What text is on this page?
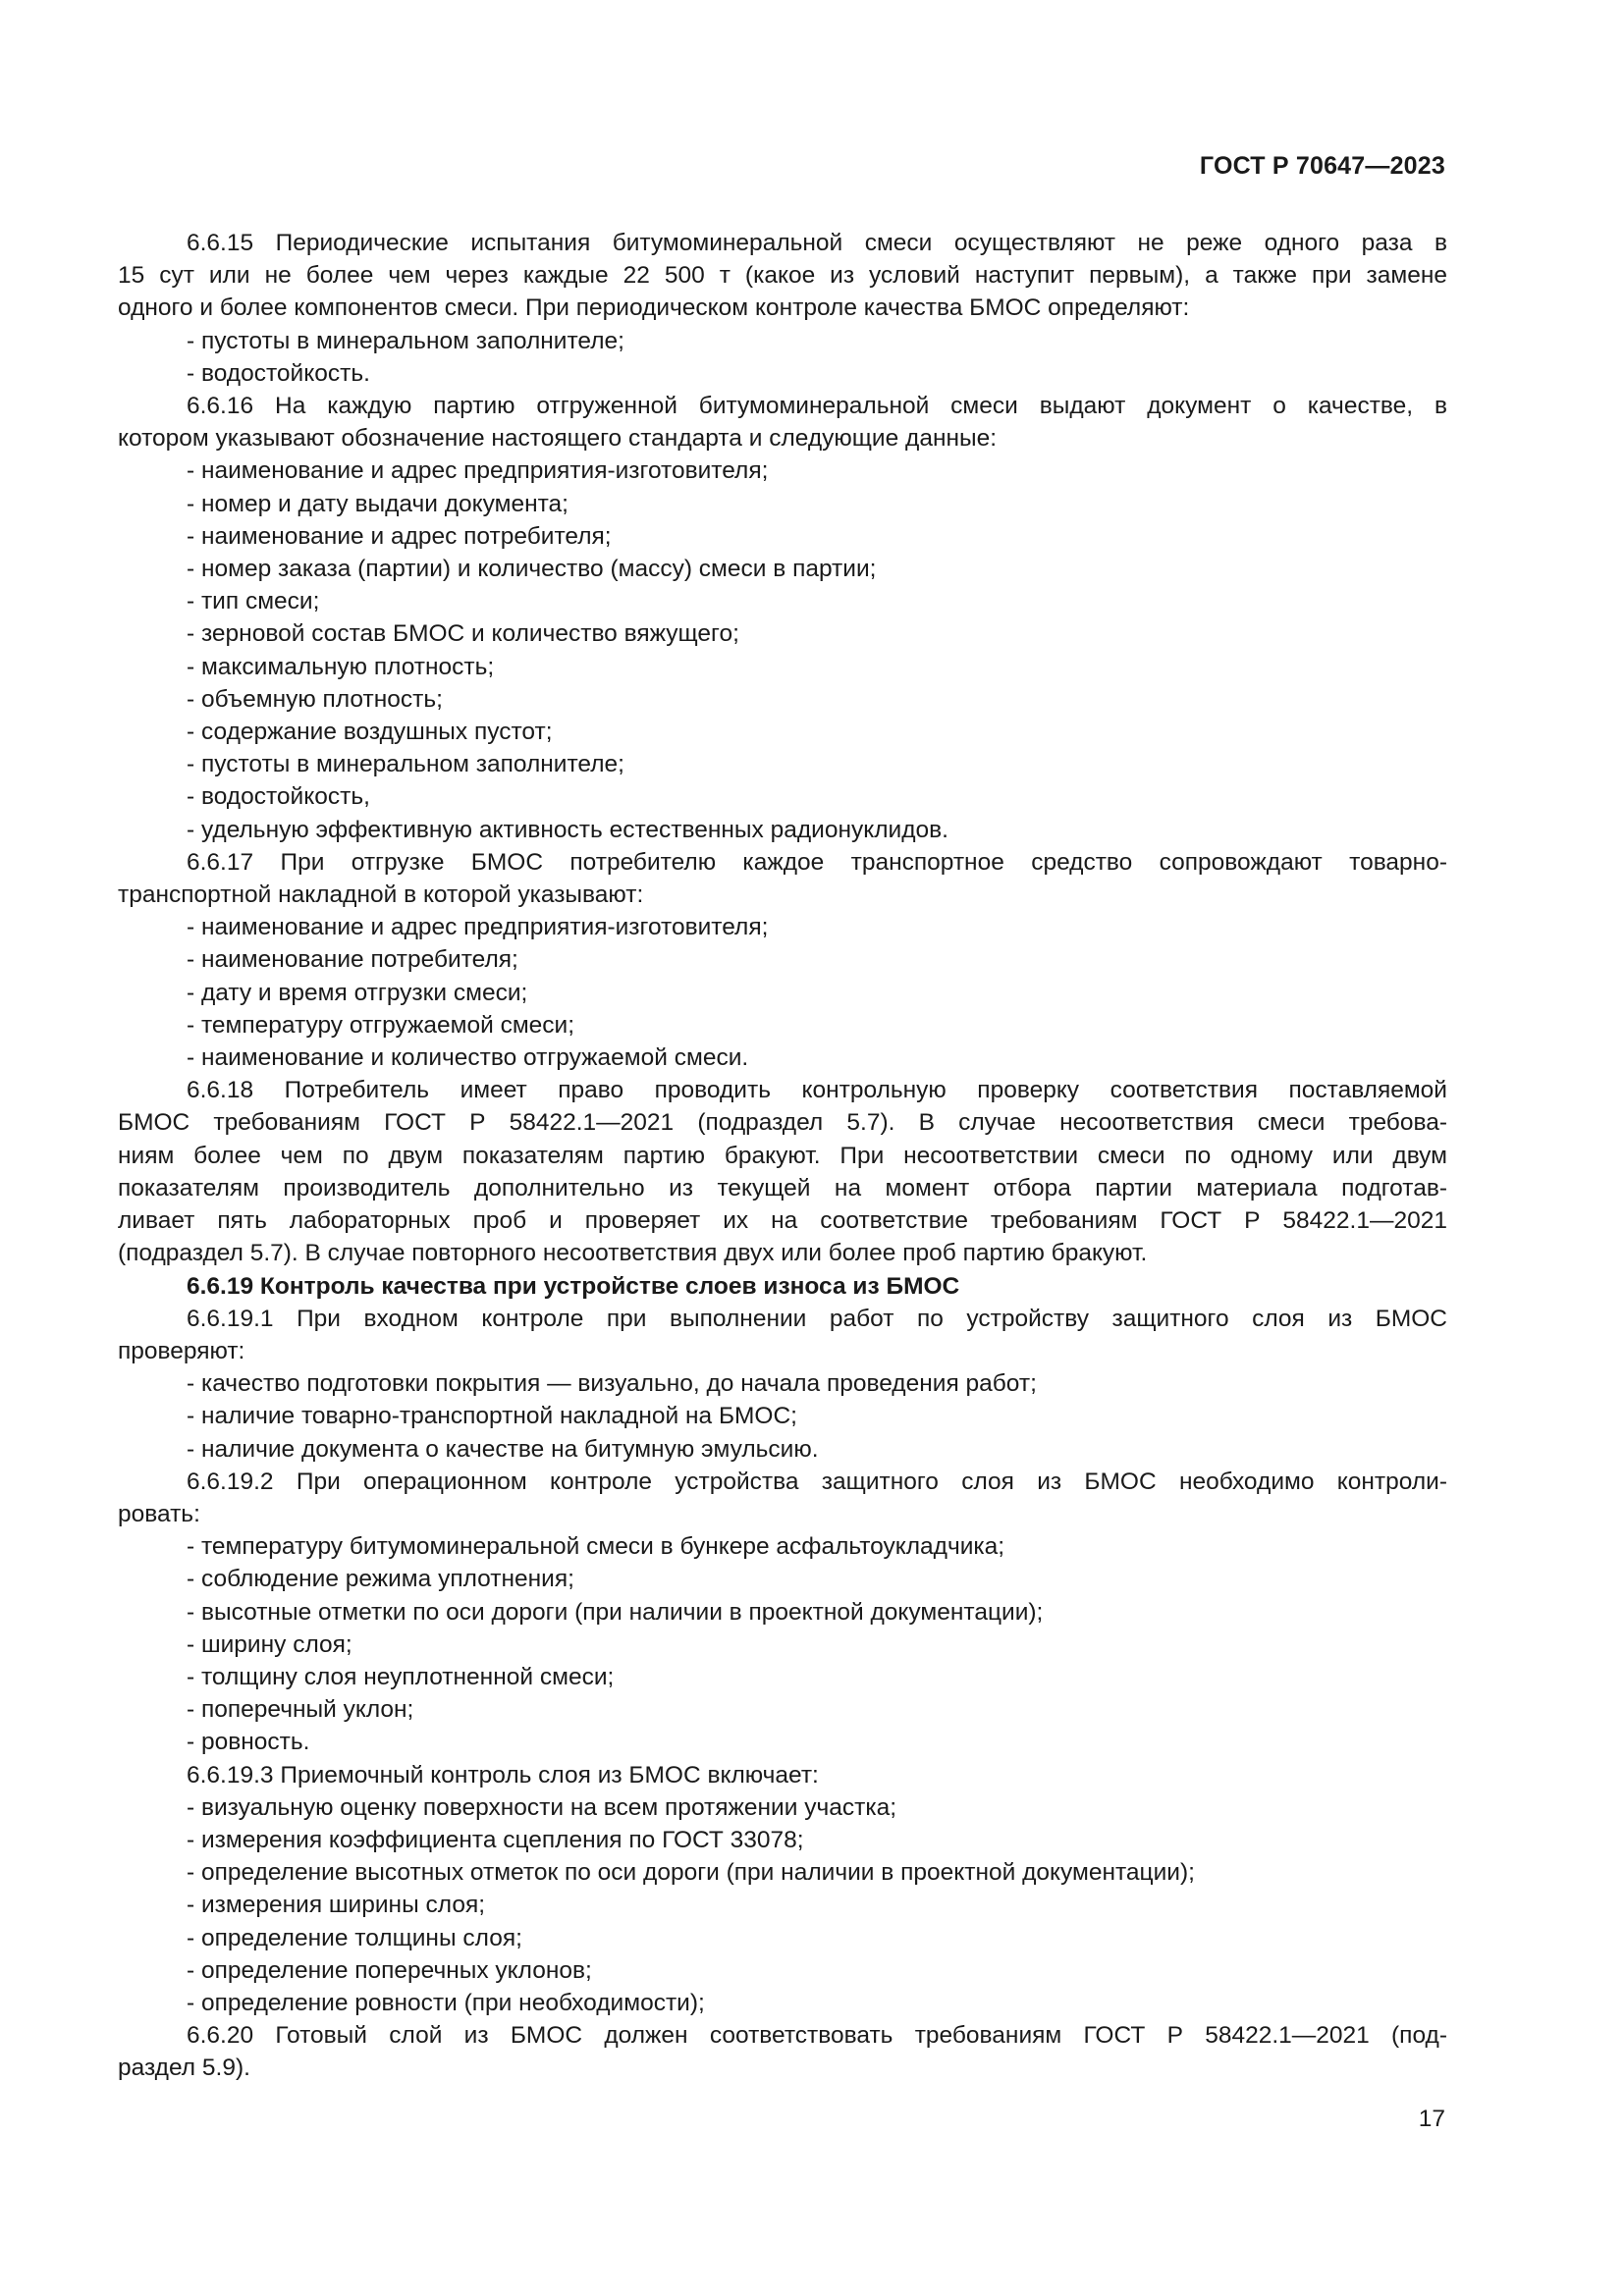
ГОСТ Р 70647—2023
6.6.15 Периодические испытания битумоминеральной смеси осуществляют не реже одного раза в
15 сут или не более чем через каждые 22 500 т (какое из условий наступит первым), а также при замене
одного и более компонентов смеси. При периодическом контроле качества БМОС определяют:
- пустоты в минеральном заполнителе;
- водостойкость.
6.6.16 На каждую партию отгруженной битумоминеральной смеси выдают документ о качестве, в
котором указывают обозначение настоящего стандарта и следующие данные:
- наименование и адрес предприятия-изготовителя;
- номер и дату выдачи документа;
- наименование и адрес потребителя;
- номер заказа (партии) и количество (массу) смеси в партии;
- тип смеси;
- зерновой состав БМОС и количество вяжущего;
- максимальную плотность;
- объемную плотность;
- содержание воздушных пустот;
- пустоты в минеральном заполнителе;
- водостойкость,
- удельную эффективную активность естественных радионуклидов.
6.6.17 При отгрузке БМОС потребителю каждое транспортное средство сопровождают товарно-
транспортной накладной в которой указывают:
- наименование и адрес предприятия-изготовителя;
- наименование потребителя;
- дату и время отгрузки смеси;
- температуру отгружаемой смеси;
- наименование и количество отгружаемой смеси.
6.6.18 Потребитель имеет право проводить контрольную проверку соответствия поставляемой
БМОС требованиям ГОСТ Р 58422.1—2021 (подраздел 5.7). В случае несоответствия смеси требова-
ниям более чем по двум показателям партию бракуют. При несоответствии смеси по одному или двум
показателям производитель дополнительно из текущей на момент отбора партии материала подготав-
ливает пять лабораторных проб и проверяет их на соответствие требованиям ГОСТ Р 58422.1—2021
(подраздел 5.7). В случае повторного несоответствия двух или более проб партию бракуют.
6.6.19 Контроль качества при устройстве слоев износа из БМОС
6.6.19.1 При входном контроле при выполнении работ по устройству защитного слоя из БМОС
проверяют:
- качество подготовки покрытия — визуально, до начала проведения работ;
- наличие товарно-транспортной накладной на БМОС;
- наличие документа о качестве на битумную эмульсию.
6.6.19.2 При операционном контроле устройства защитного слоя из БМОС необходимо контроли-
ровать:
- температуру битумоминеральной смеси в бункере асфальтоукладчика;
- соблюдение режима уплотнения;
- высотные отметки по оси дороги (при наличии в проектной документации);
- ширину слоя;
- толщину слоя неуплотненной смеси;
- поперечный уклон;
- ровность.
6.6.19.3 Приемочный контроль слоя из БМОС включает:
- визуальную оценку поверхности на всем протяжении участка;
- измерения коэффициента сцепления по ГОСТ 33078;
- определение высотных отметок по оси дороги (при наличии в проектной документации);
- измерения ширины слоя;
- определение толщины слоя;
- определение поперечных уклонов;
- определение ровности (при необходимости);
6.6.20 Готовый слой из БМОС должен соответствовать требованиям ГОСТ Р 58422.1—2021 (под-
раздел 5.9).
17
